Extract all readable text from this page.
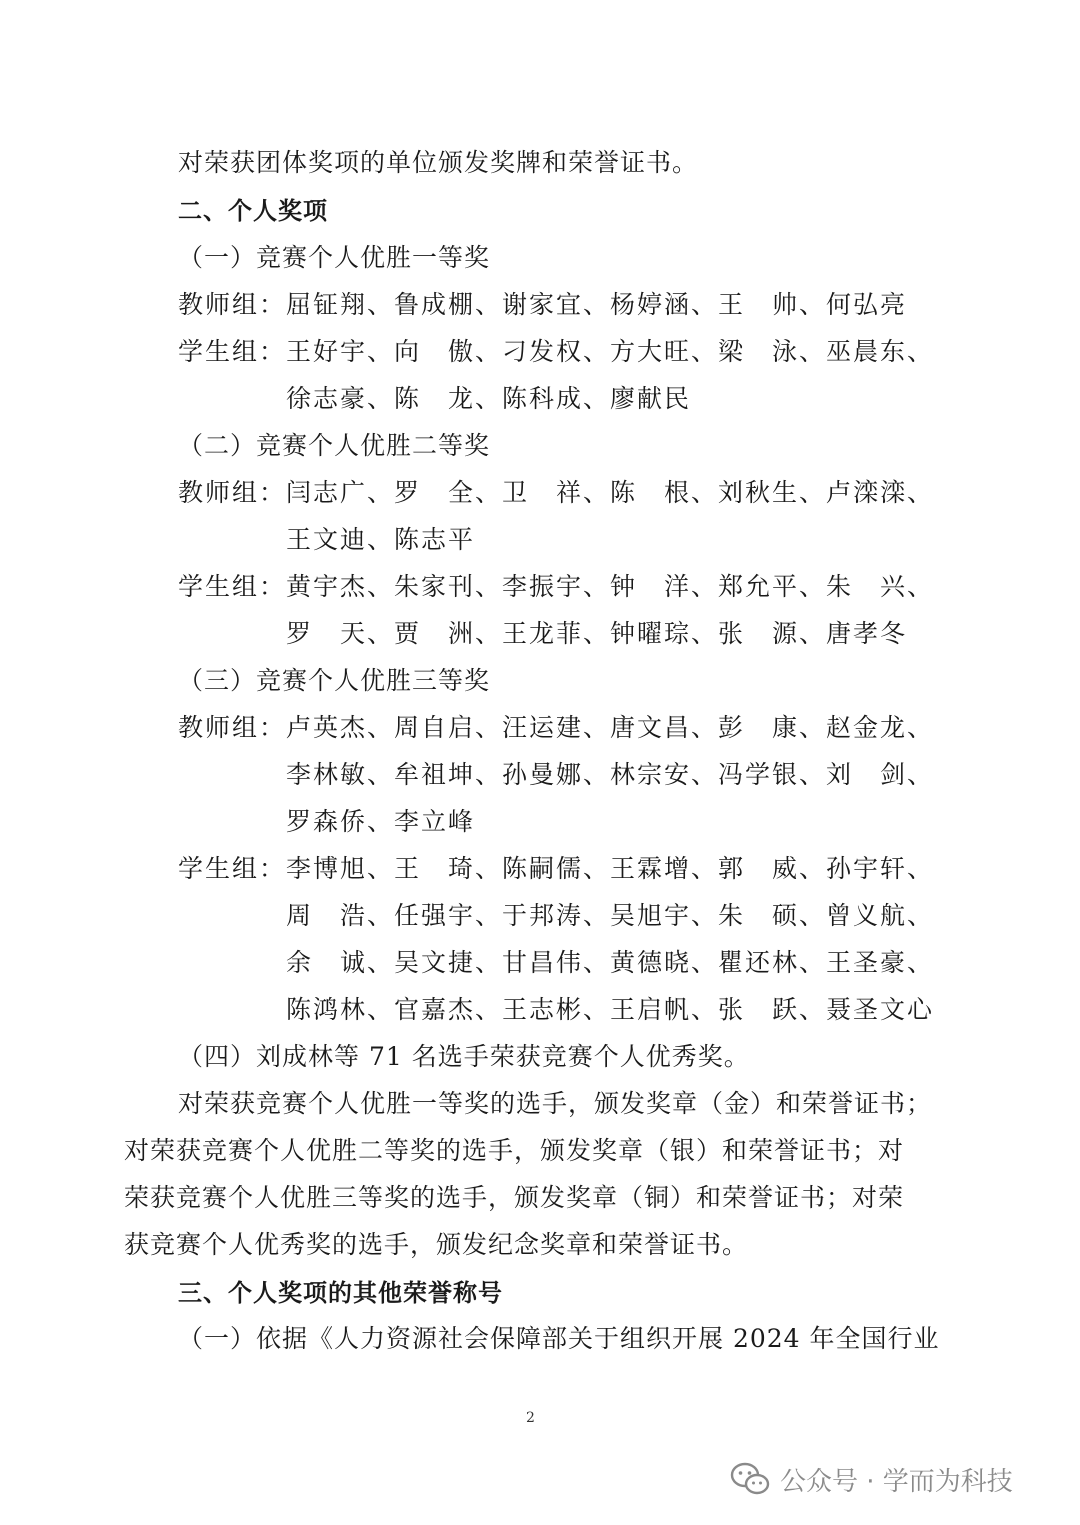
对荣获团体奖项的单位颁发奖牌和荣誉证书。
二、个人奖项
（一）竞赛个人优胜一等奖
教师组：屈钲翔、鲁成棚、谢家宜、杨婷涵、王　帅、何弘亮
学生组：王好宇、向　傲、刁发权、方大旺、梁　泳、巫晨东、
徐志豪、陈　龙、陈科成、廖献民
（二）竞赛个人优胜二等奖
教师组：闫志广、罗　全、卫　祥、陈　根、刘秋生、卢滦滦、
王文迪、陈志平
学生组：黄宇杰、朱家刊、李振宇、钟　洋、郑允平、朱　兴、
罗　天、贾　洲、王龙菲、钟曜琮、张　源、唐孝冬
（三）竞赛个人优胜三等奖
教师组：卢英杰、周自启、汪运建、唐文昌、彭　康、赵金龙、
李林敏、牟祖坤、孙曼娜、林宗安、冯学银、刘　剑、
罗森侨、李立峰
学生组：李博旭、王　琦、陈嗣儒、王霖增、郭　威、孙宇轩、
周　浩、任强宇、于邦涛、吴旭宇、朱　硕、曾义航、
余　诚、吴文捷、甘昌伟、黄德晓、瞿还林、王圣豪、
陈鸿林、官嘉杰、王志彬、王启帆、张　跃、聂圣文心
（四）刘成林等 71 名选手荣获竞赛个人优秀奖。
对荣获竞赛个人优胜一等奖的选手，颁发奖章（金）和荣誉证书；
对荣获竞赛个人优胜二等奖的选手，颁发奖章（银）和荣誉证书；对
荣获竞赛个人优胜三等奖的选手，颁发奖章（铜）和荣誉证书；对荣
获竞赛个人优秀奖的选手，颁发纪念奖章和荣誉证书。
三、个人奖项的其他荣誉称号
（一）依据《人力资源社会保障部关于组织开展 2024 年全国行业
2
公众号 · 学而为科技
